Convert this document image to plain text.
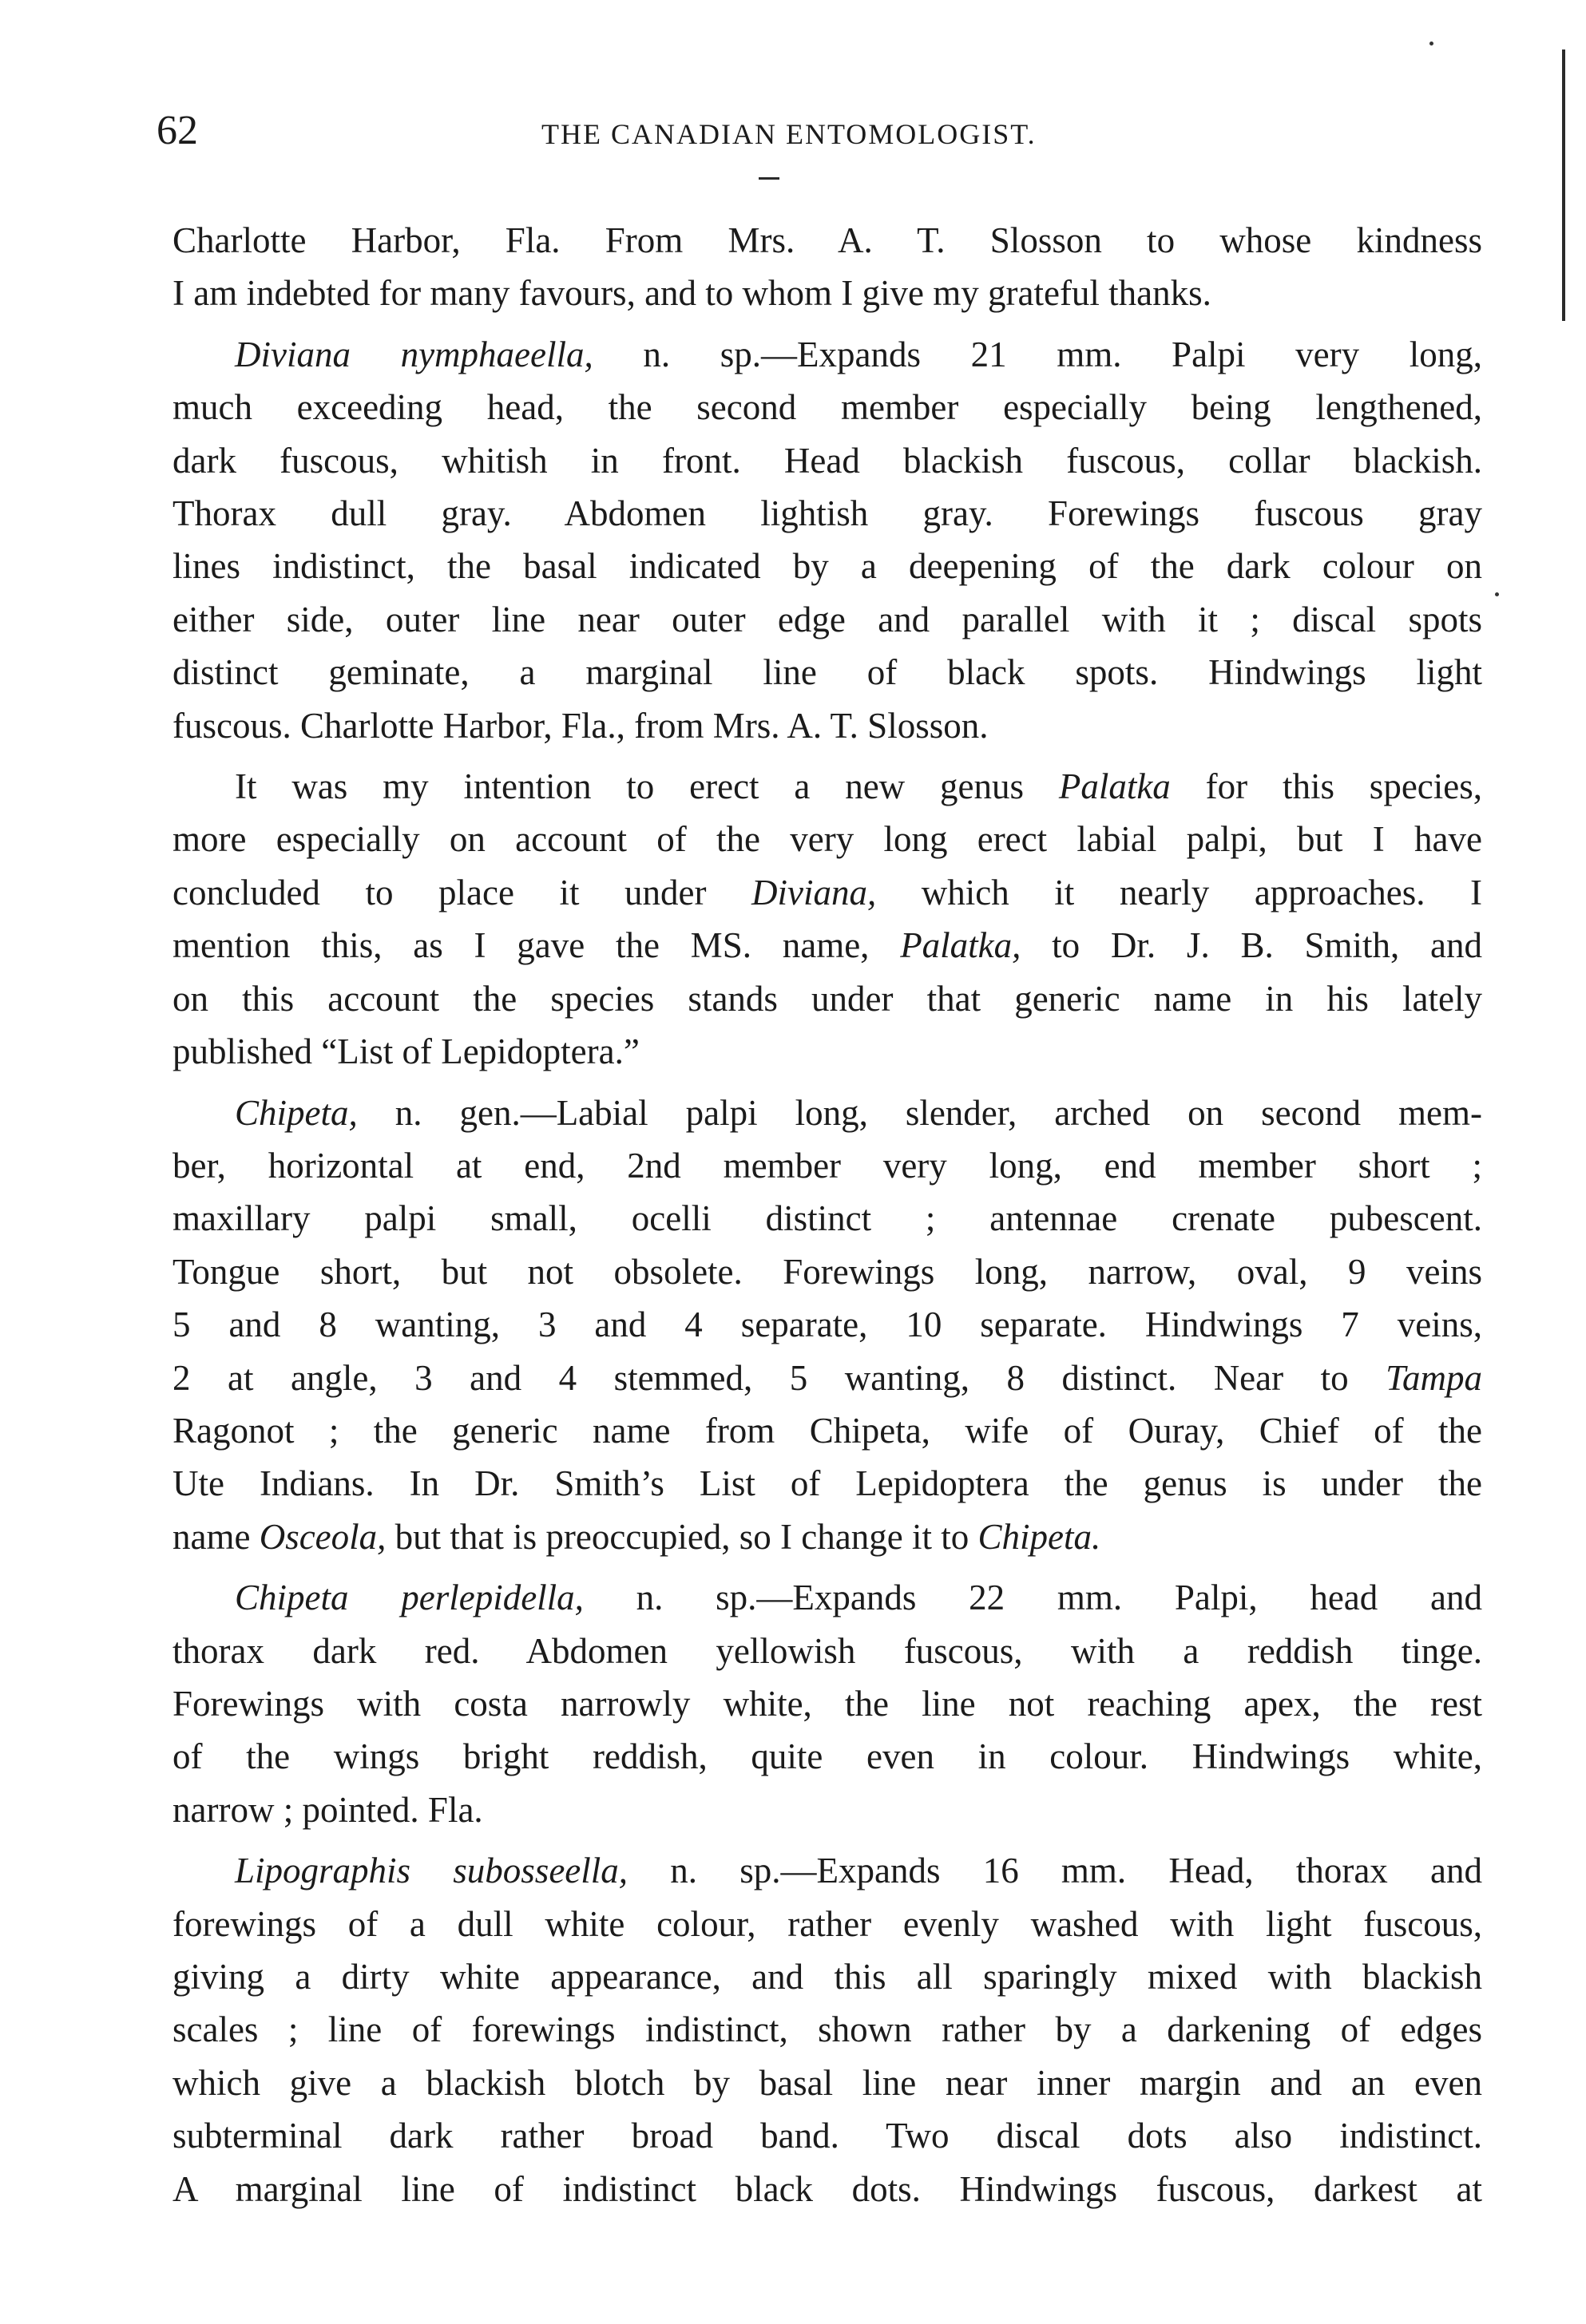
62	THE CANADIAN ENTOMOLOGIST.
Charlotte Harbor, Fla. From Mrs. A. T. Slosson to whose kindness
I am indebted for many favours, and to whom I give my grateful thanks.
Diviana nymphaeella, n. sp.—Expands 21 mm. Palpi very long,
much exceeding head, the second member especially being lengthened,
dark fuscous, whitish in front. Head blackish fuscous, collar blackish.
Thorax dull gray. Abdomen lightish gray. Forewings fuscous gray
lines indistinct, the basal indicated by a deepening of the dark colour on
either side, outer line near outer edge and parallel with it ; discal spots
distinct geminate, a marginal line of black spots. Hindwings light
fuscous. Charlotte Harbor, Fla., from Mrs. A. T. Slosson.
It was my intention to erect a new genus Palatka for this species,
more especially on account of the very long erect labial palpi, but I have
concluded to place it under Diviana, which it nearly approaches. I
mention this, as I gave the MS. name, Palatka, to Dr. J. B. Smith, and
on this account the species stands under that generic name in his lately
published “List of Lepidoptera.”
Chipeta, n. gen.—Labial palpi long, slender, arched on second mem-
ber, horizontal at end, 2nd member very long, end member short ;
maxillary palpi small, ocelli distinct ; antennae crenate pubescent.
Tongue short, but not obsolete. Forewings long, narrow, oval, 9 veins
5 and 8 wanting, 3 and 4 separate, 10 separate. Hindwings 7 veins,
2 at angle, 3 and 4 stemmed, 5 wanting, 8 distinct. Near to Tampa
Ragonot ; the generic name from Chipeta, wife of Ouray, Chief of the
Ute Indians. In Dr. Smith’s List of Lepidoptera the genus is under the
name Osceola, but that is preoccupied, so I change it to Chipeta.
Chipeta perlepidella, n. sp.—Expands 22 mm. Palpi, head and
thorax dark red. Abdomen yellowish fuscous, with a reddish tinge.
Forewings with costa narrowly white, the line not reaching apex, the rest
of the wings bright reddish, quite even in colour. Hindwings white,
narrow ; pointed. Fla.
Lipographis subosseella, n. sp.—Expands 16 mm. Head, thorax and
forewings of a dull white colour, rather evenly washed with light fuscous,
giving a dirty white appearance, and this all sparingly mixed with blackish
scales ; line of forewings indistinct, shown rather by a darkening of edges
which give a blackish blotch by basal line near inner margin and an even
subterminal dark rather broad band. Two discal dots also indistinct.
A marginal line of indistinct black dots. Hindwings fuscous, darkest at
